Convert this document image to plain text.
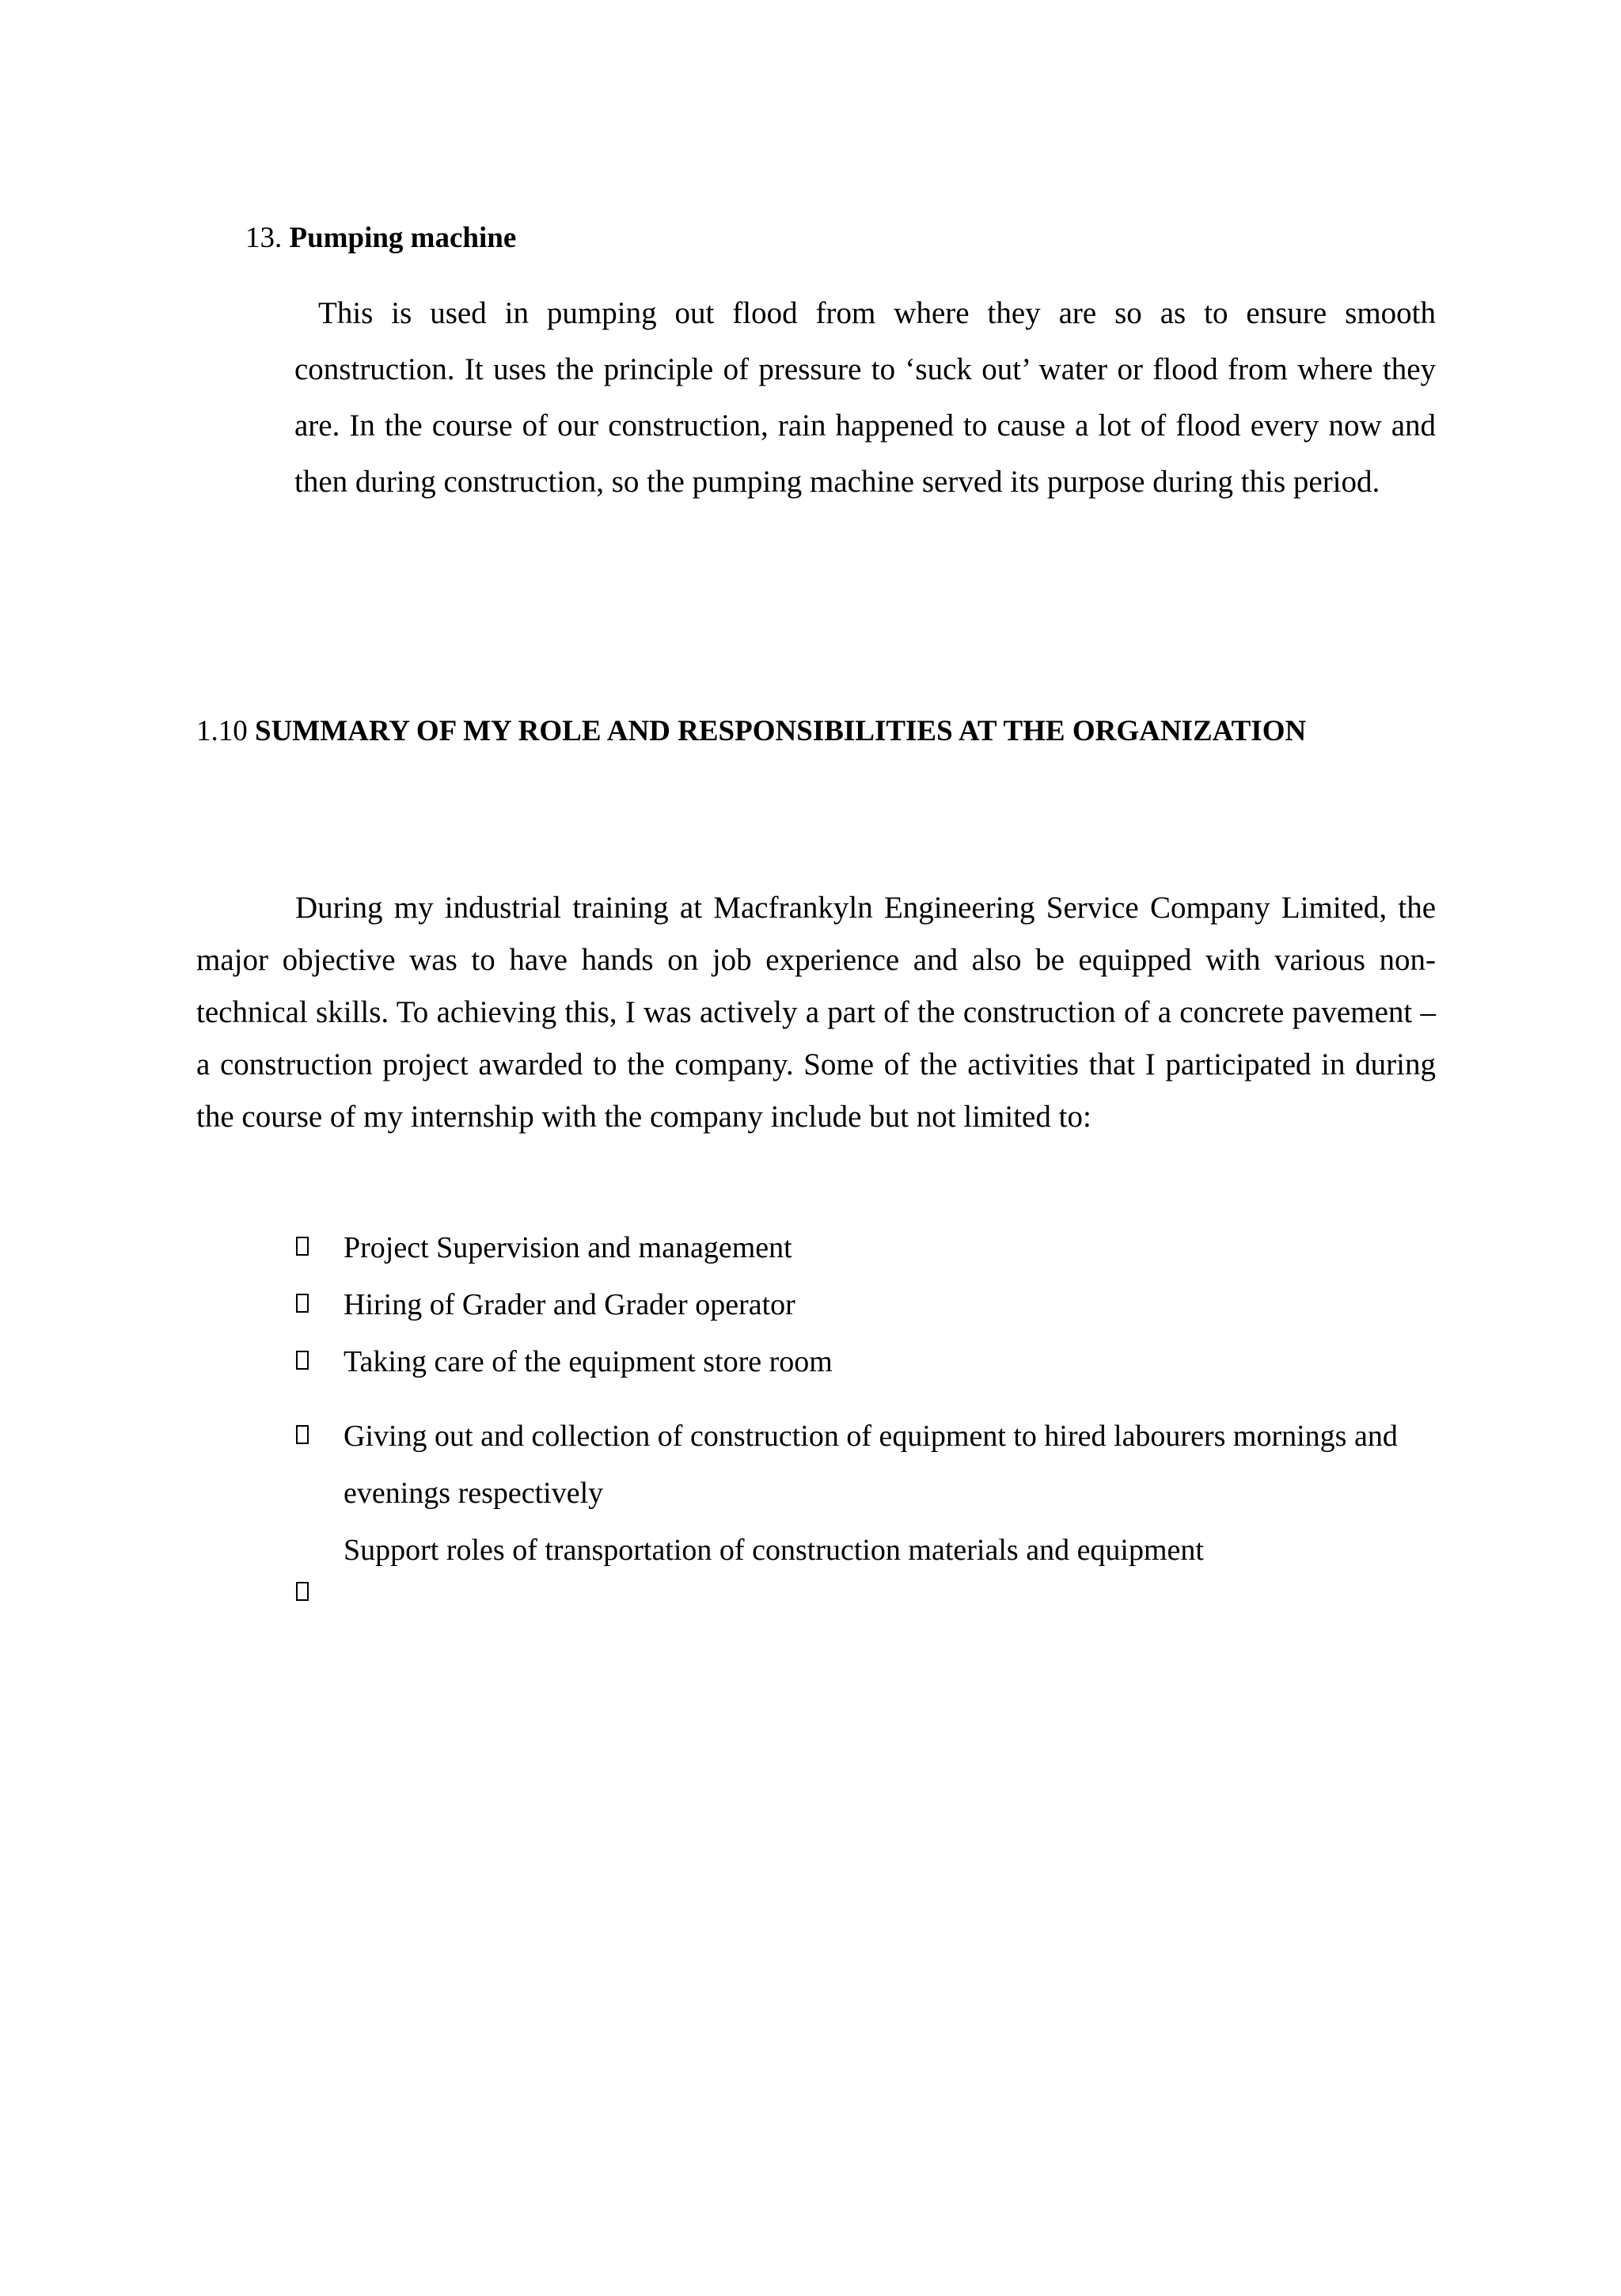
13. Pumping machine

This is used in pumping out flood from where they are so as to ensure smooth construction. It uses the principle of pressure to ‘suck out’ water or flood from where they are. In the course of our construction, rain happened to cause a lot of flood every now and then during construction, so the pumping machine served its purpose during this period.

1.10 SUMMARY OF MY ROLE AND RESPONSIBILITIES AT THE ORGANIZATION

During my industrial training at Macfrankyln Engineering Service Company Limited, the major objective was to have hands on job experience and also be equipped with various non-technical skills. To achieving this, I was actively a part of the construction of a concrete pavement – a construction project awarded to the company. Some of the activities that I participated in during the course of my internship with the company include but not limited to:

Project Supervision and management
Hiring of Grader and Grader operator
Taking care of the equipment store room
Giving out and collection of construction of equipment to hired labourers mornings and evenings respectively
Support roles of transportation of construction materials and equipment
